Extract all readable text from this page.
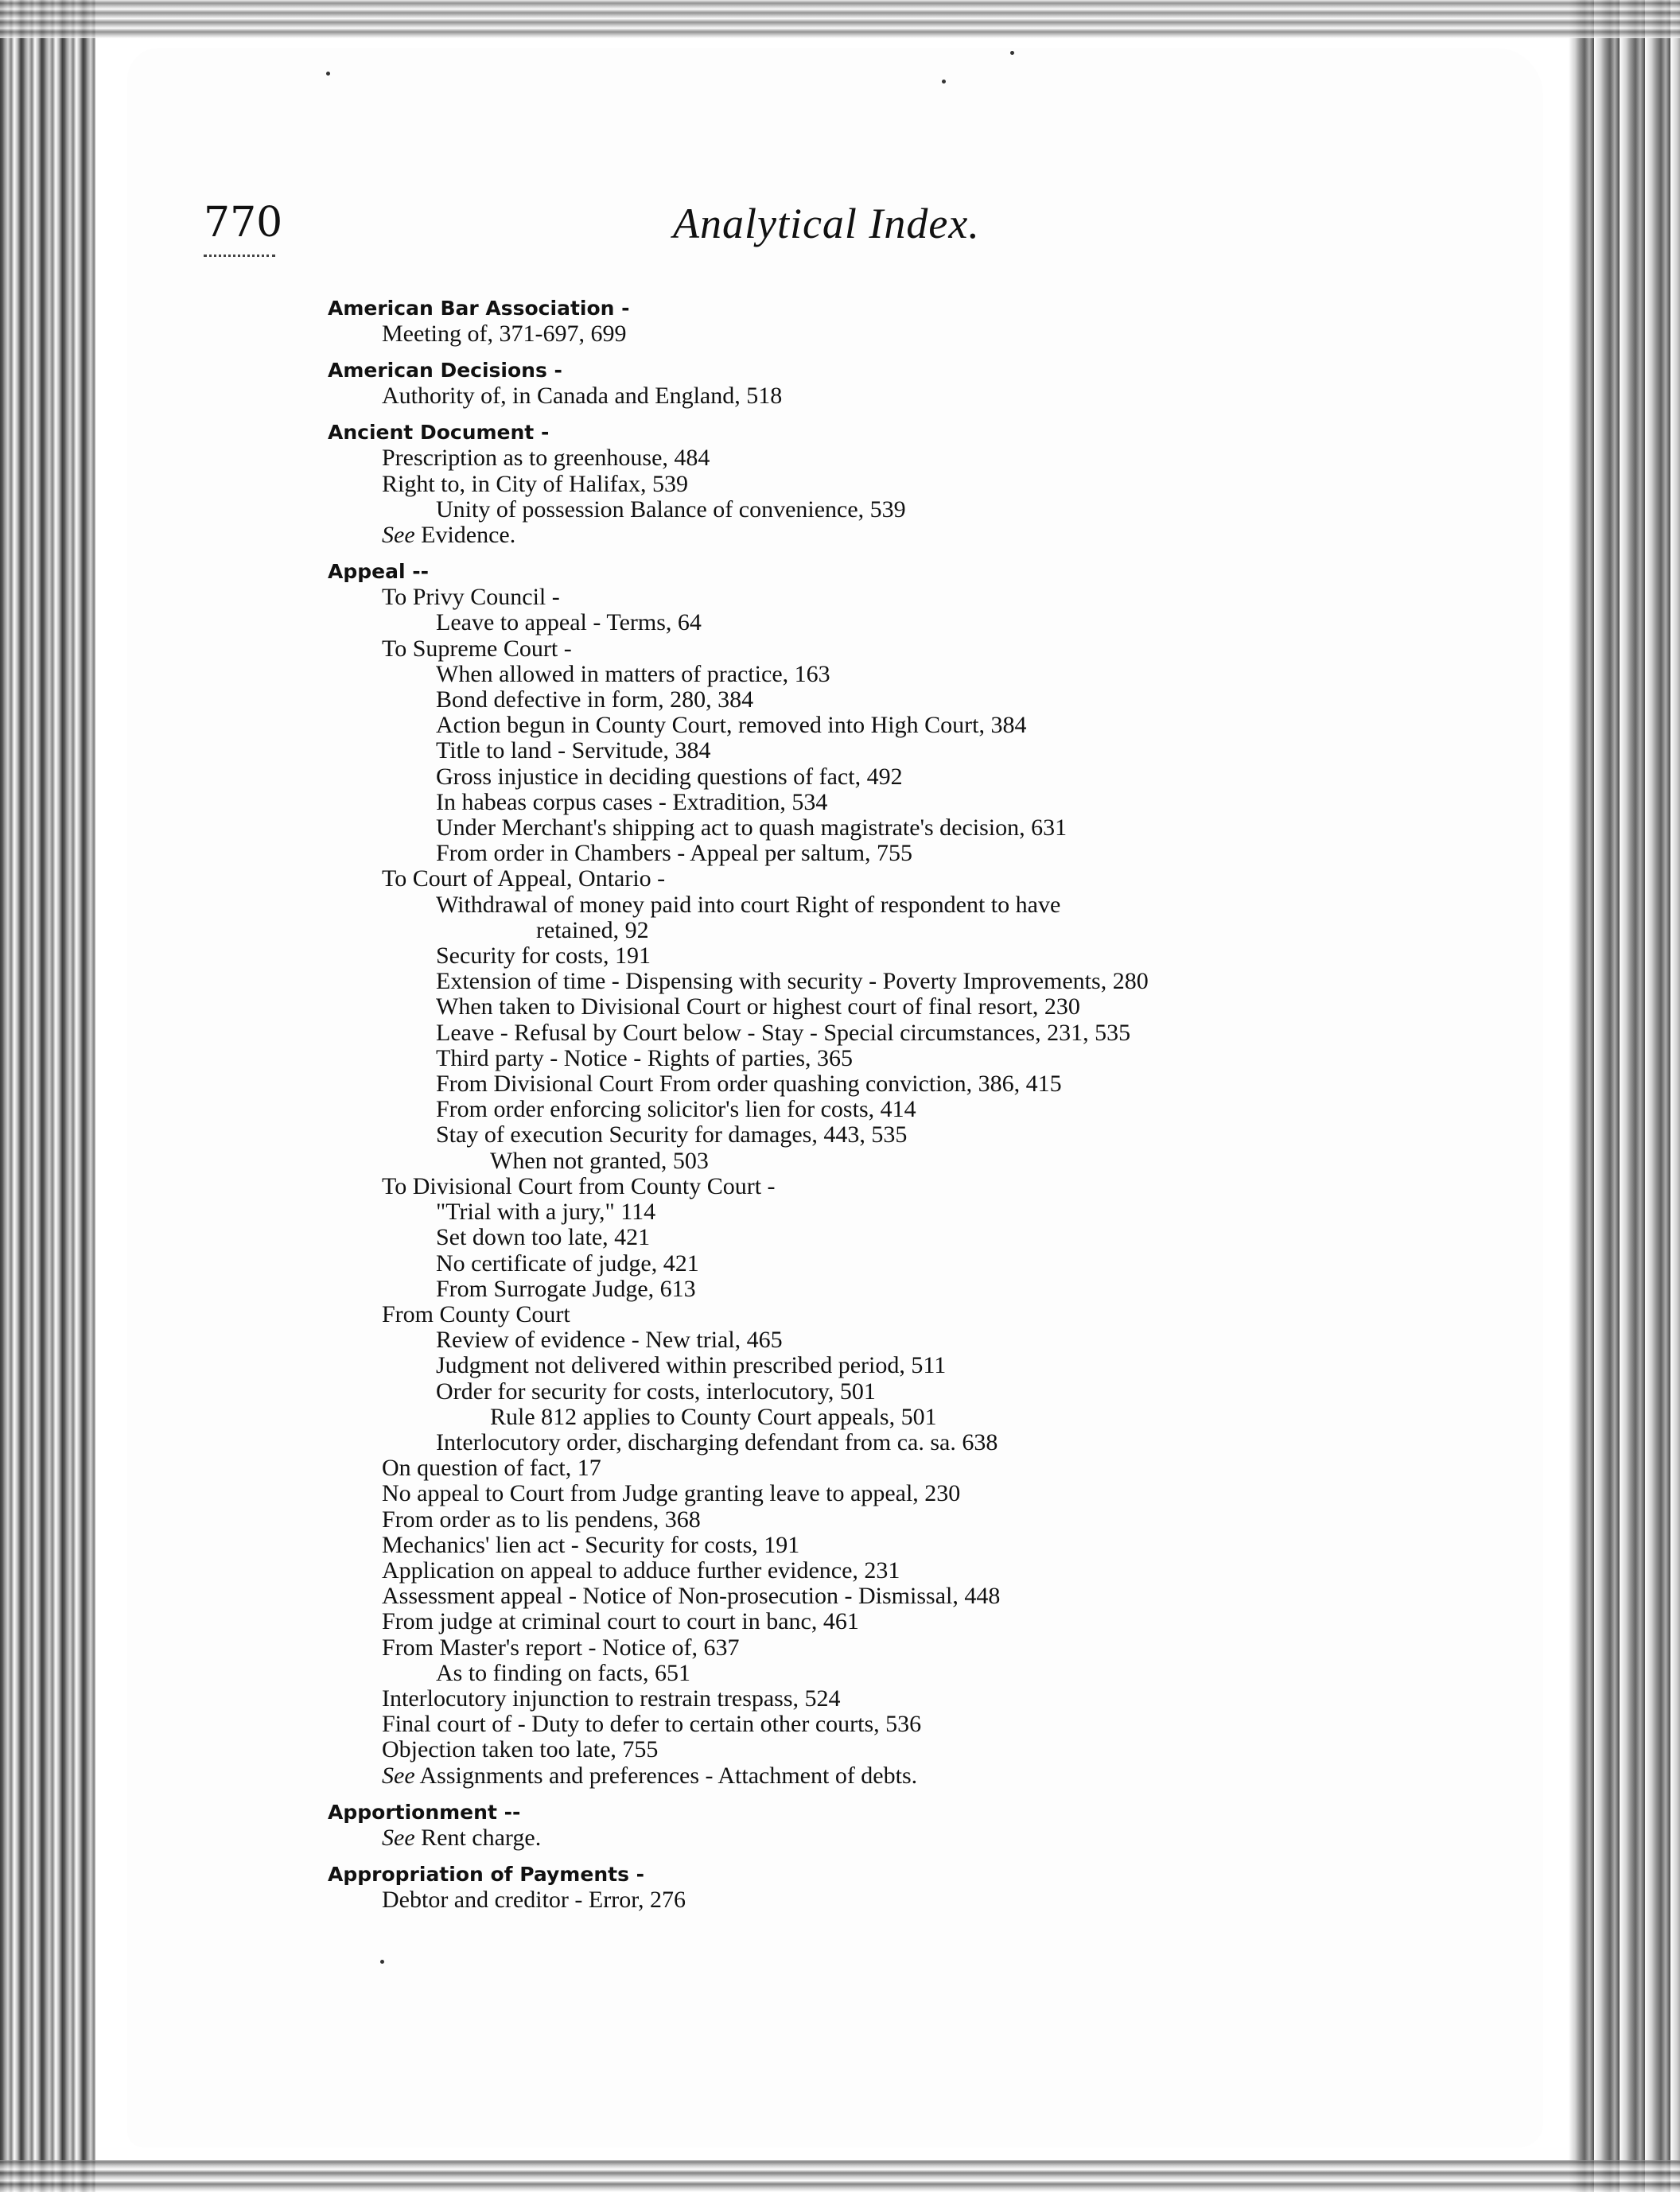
770	Analytical Index.
American Bar Association -
Meeting of, 371-697, 699
American Decisions -
Authority of, in Canada and England, 518
Ancient Document -
Prescription as to greenhouse, 484
Right to, in City of Halifax, 539
Unity of possession Balance of convenience, 539
See Evidence.
Appeal --
To Privy Council -
Leave to appeal - Terms, 64
To Supreme Court -
When allowed in matters of practice, 163
Bond defective in form, 280, 384
Action begun in County Court, removed into High Court, 384
Title to land - Servitude, 384
Gross injustice in deciding questions of fact, 492
In habeas corpus cases - Extradition, 534
Under Merchant's shipping act to quash magistrate's decision, 631
From order in Chambers - Appeal per saltum, 755
To Court of Appeal, Ontario -
Withdrawal of money paid into court Right of respondent to have
retained, 92
Security for costs, 191
Extension of time - Dispensing with security - Poverty Improvements, 280
When taken to Divisional Court or highest court of final resort, 230
Leave - Refusal by Court below - Stay - Special circumstances, 231, 535
Third party - Notice - Rights of parties, 365
From Divisional Court From order quashing conviction, 386, 415
From order enforcing solicitor's lien for costs, 414
Stay of execution Security for damages, 443, 535
When not granted, 503
To Divisional Court from County Court -
"Trial with a jury," 114
Set down too late, 421
No certificate of judge, 421
From Surrogate Judge, 613
From County Court
Review of evidence - New trial, 465
Judgment not delivered within prescribed period, 511
Order for security for costs, interlocutory, 501
Rule 812 applies to County Court appeals, 501
Interlocutory order, discharging defendant from ca. sa. 638
On question of fact, 17
No appeal to Court from Judge granting leave to appeal, 230
From order as to lis pendens, 368
Mechanics' lien act - Security for costs, 191
Application on appeal to adduce further evidence, 231
Assessment appeal - Notice of Non-prosecution - Dismissal, 448
From judge at criminal court to court in banc, 461
From Master's report - Notice of, 637
As to finding on facts, 651
Interlocutory injunction to restrain trespass, 524
Final court of - Duty to defer to certain other courts, 536
Objection taken too late, 755
See Assignments and preferences - Attachment of debts.
Apportionment --
See Rent charge.
Appropriation of Payments -
Debtor and creditor - Error, 276
